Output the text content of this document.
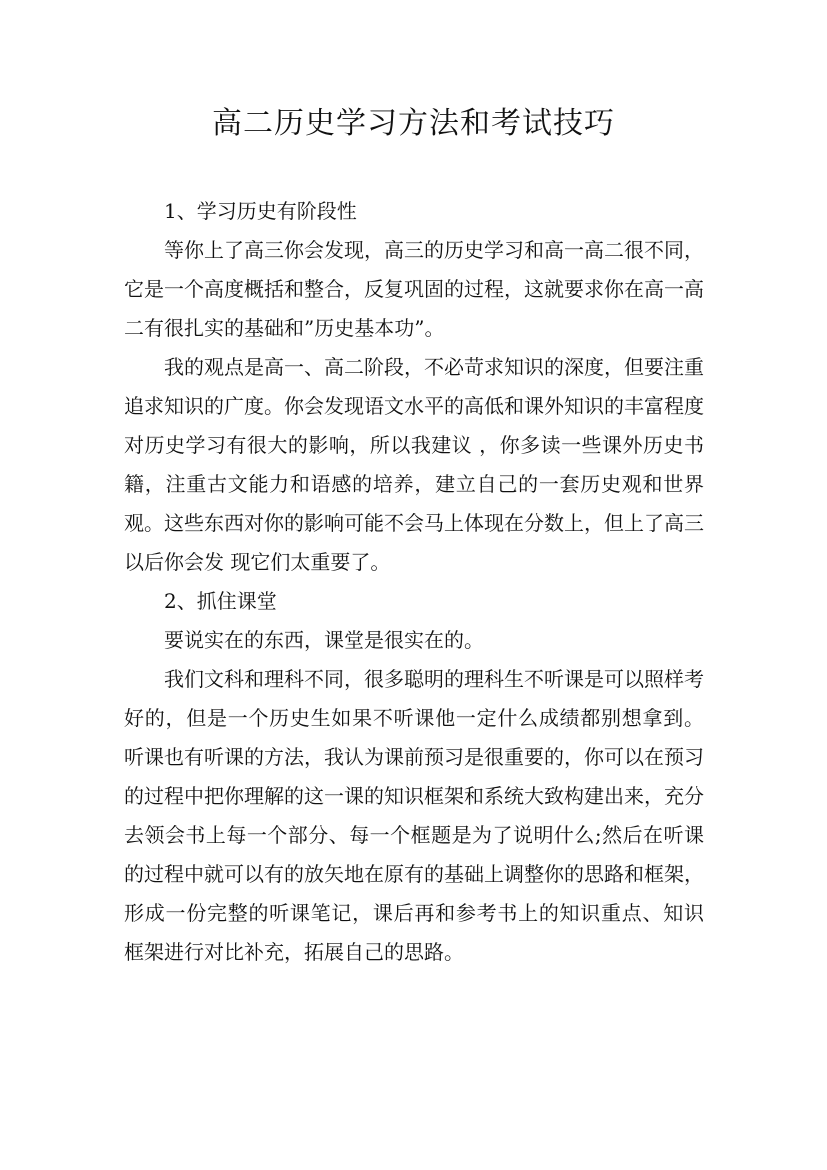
高二历史学习方法和考试技巧

1、学习历史有阶段性

等你上了高三你会发现，高三的历史学习和高一高二很不同，它是一个高度概括和整合，反复巩固的过程，这就要求你在高一高二有很扎实的基础和”历史基本功”。

我的观点是高一、高二阶段，不必苛求知识的深度，但要注重追求知识的广度。你会发现语文水平的高低和课外知识的丰富程度对历史学习有很大的影响，所以我建议 ，你多读一些课外历史书籍，注重古文能力和语感的培养，建立自己的一套历史观和世界观。这些东西对你的影响可能不会马上体现在分数上，但上了高三以后你会发 现它们太重要了。

2、抓住课堂

要说实在的东西，课堂是很实在的。

我们文科和理科不同，很多聪明的理科生不听课是可以照样考好的，但是一个历史生如果不听课他一定什么成绩都别想拿到。 听课也有听课的方法，我认为课前预习是很重要的，你可以在预习的过程中把你理解的这一课的知识框架和系统大致构建出来，充分去领会书上每一个部分、每一个框题是为了说明什么;然后在听课的过程中就可以有的放矢地在原有的基础上调整你的思路和框架，形成一份完整的听课笔记，课后再和参考书上的知识重点、知识 框架进行对比补充，拓展自己的思路。
